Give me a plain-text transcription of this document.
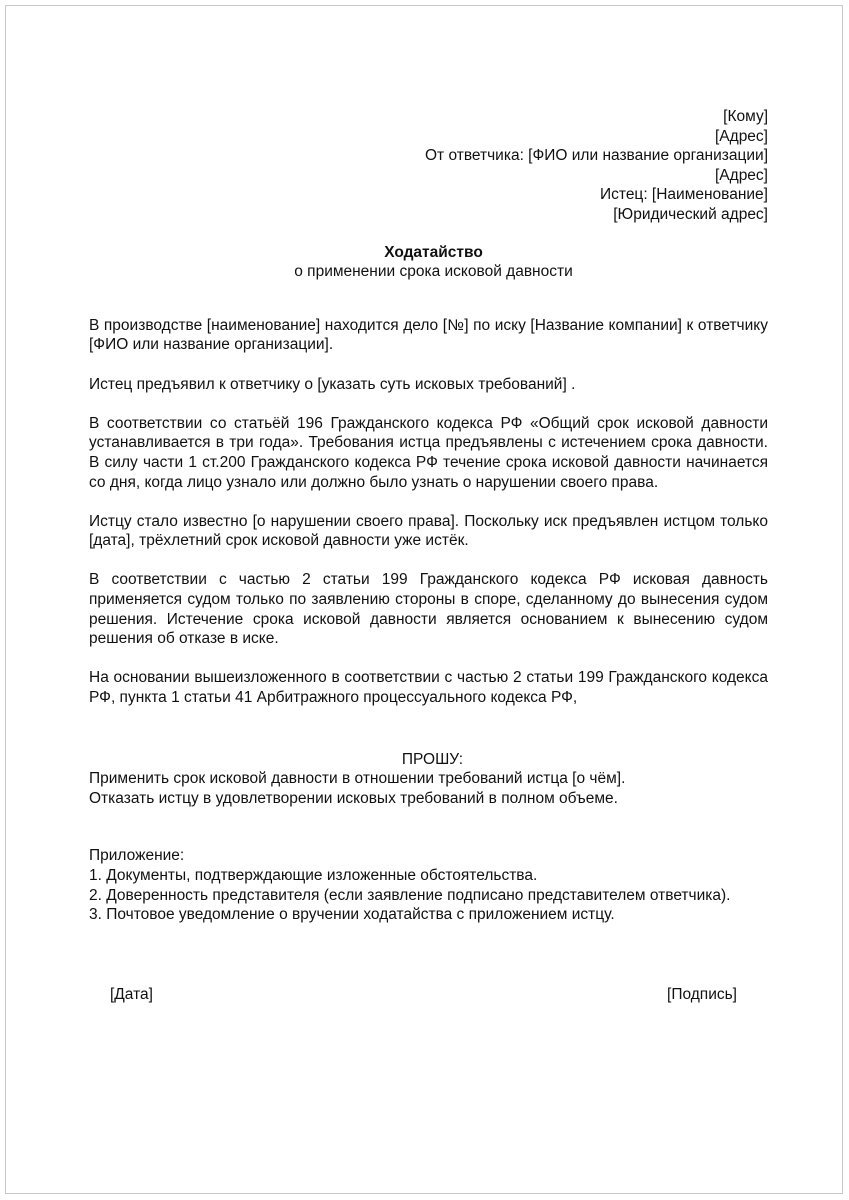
[Кому]
[Адрес]
От ответчика: [ФИО или название организации]
[Адрес]
Истец: [Наименование]
[Юридический адрес]
Ходатайство
о применении срока исковой давности

В производстве [наименование] находится дело [№] по иску [Название компании] к ответчику [ФИО или название организации].

Истец предъявил к ответчику о [указать суть исковых требований] .

В соответствии со статьёй 196 Гражданского кодекса РФ «Общий срок исковой давности устанавливается в три года». Требования истца предъявлены с истечением срока давности. В силу части 1 ст.200 Гражданского кодекса РФ течение срока исковой давности начинается со дня, когда лицо узнало или должно было узнать о нарушении своего права.

Истцу стало известно [о нарушении своего права]. Поскольку иск предъявлен истцом только [дата], трёхлетний срок исковой давности уже истёк.

В соответствии с частью 2 статьи 199 Гражданского кодекса РФ исковая давность применяется судом только по заявлению стороны в споре, сделанному до вынесения судом решения. Истечение срока исковой давности является основанием к вынесению судом решения об отказе в иске.

На основании вышеизложенного в соответствии с частью 2 статьи 199 Гражданского кодекса РФ, пункта 1 статьи 41 Арбитражного процессуального кодекса РФ,

ПРОШУ:
Применить срок исковой давности в отношении требований истца [о чём].
Отказать истцу в удовлетворении исковых требований в полном объеме.
Приложение:
1. Документы, подтверждающие изложенные обстоятельства.
2. Доверенность представителя (если заявление подписано представителем ответчика).
3. Почтовое уведомление о вручении ходатайства с приложением истцу.
[Дата]	[Подпись]
